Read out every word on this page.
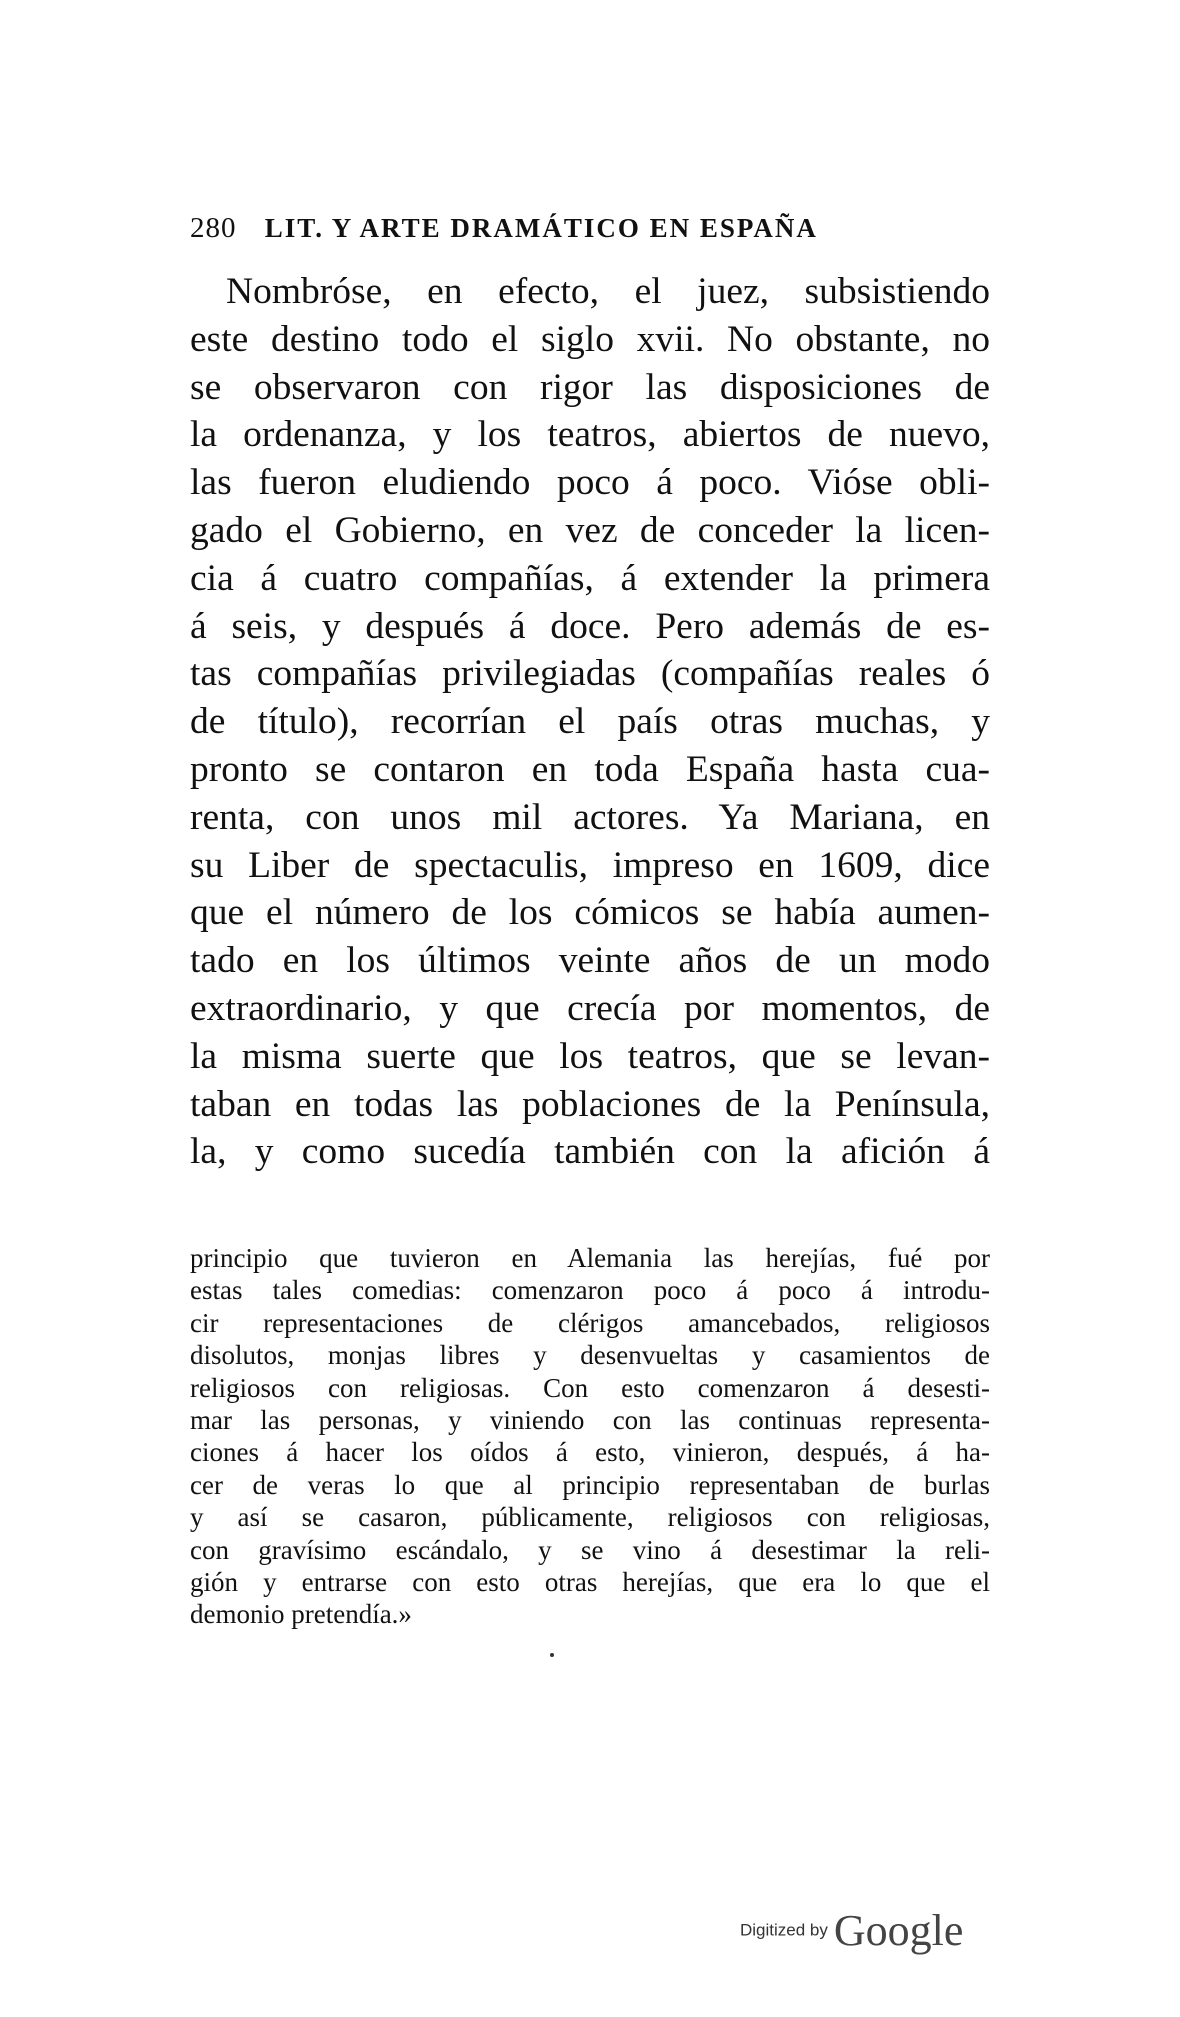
280 LIT. Y ARTE DRAMÁTICO EN ESPAÑA
Nombróse, en efecto, el juez, subsistiendo
este destino todo el siglo xvii. No obstante, no
se observaron con rigor las disposiciones de
la ordenanza, y los teatros, abiertos de nuevo,
las fueron eludiendo poco á poco. Vióse obli-
gado el Gobierno, en vez de conceder la licen-
cia á cuatro compañías, á extender la primera
á seis, y después á doce. Pero además de es-
tas compañías privilegiadas (compañías reales ó
de título), recorrían el país otras muchas, y
pronto se contaron en toda España hasta cua-
renta, con unos mil actores. Ya Mariana, en
su Liber de spectaculis, impreso en 1609, dice
que el número de los cómicos se había aumen-
tado en los últimos veinte años de un modo
extraordinario, y que crecía por momentos, de
la misma suerte que los teatros, que se levan-
taban en todas las poblaciones de la Península,
la, y como sucedía también con la afición á
principio que tuvieron en Alemania las herejías, fué por
estas tales comedias: comenzaron poco á poco á introdu-
cir representaciones de clérigos amancebados, religiosos
disolutos, monjas libres y desenvueltas y casamientos de
religiosos con religiosas. Con esto comenzaron á desesti-
mar las personas, y viniendo con las continuas representa-
ciones á hacer los oídos á esto, vinieron, después, á ha-
cer de veras lo que al principio representaban de burlas
y así se casaron, públicamente, religiosos con religiosas,
con gravísimo escándalo, y se vino á desestimar la reli-
gión y entrarse con esto otras herejías, que era lo que el
demonio pretendía.»
Digitized by Google
